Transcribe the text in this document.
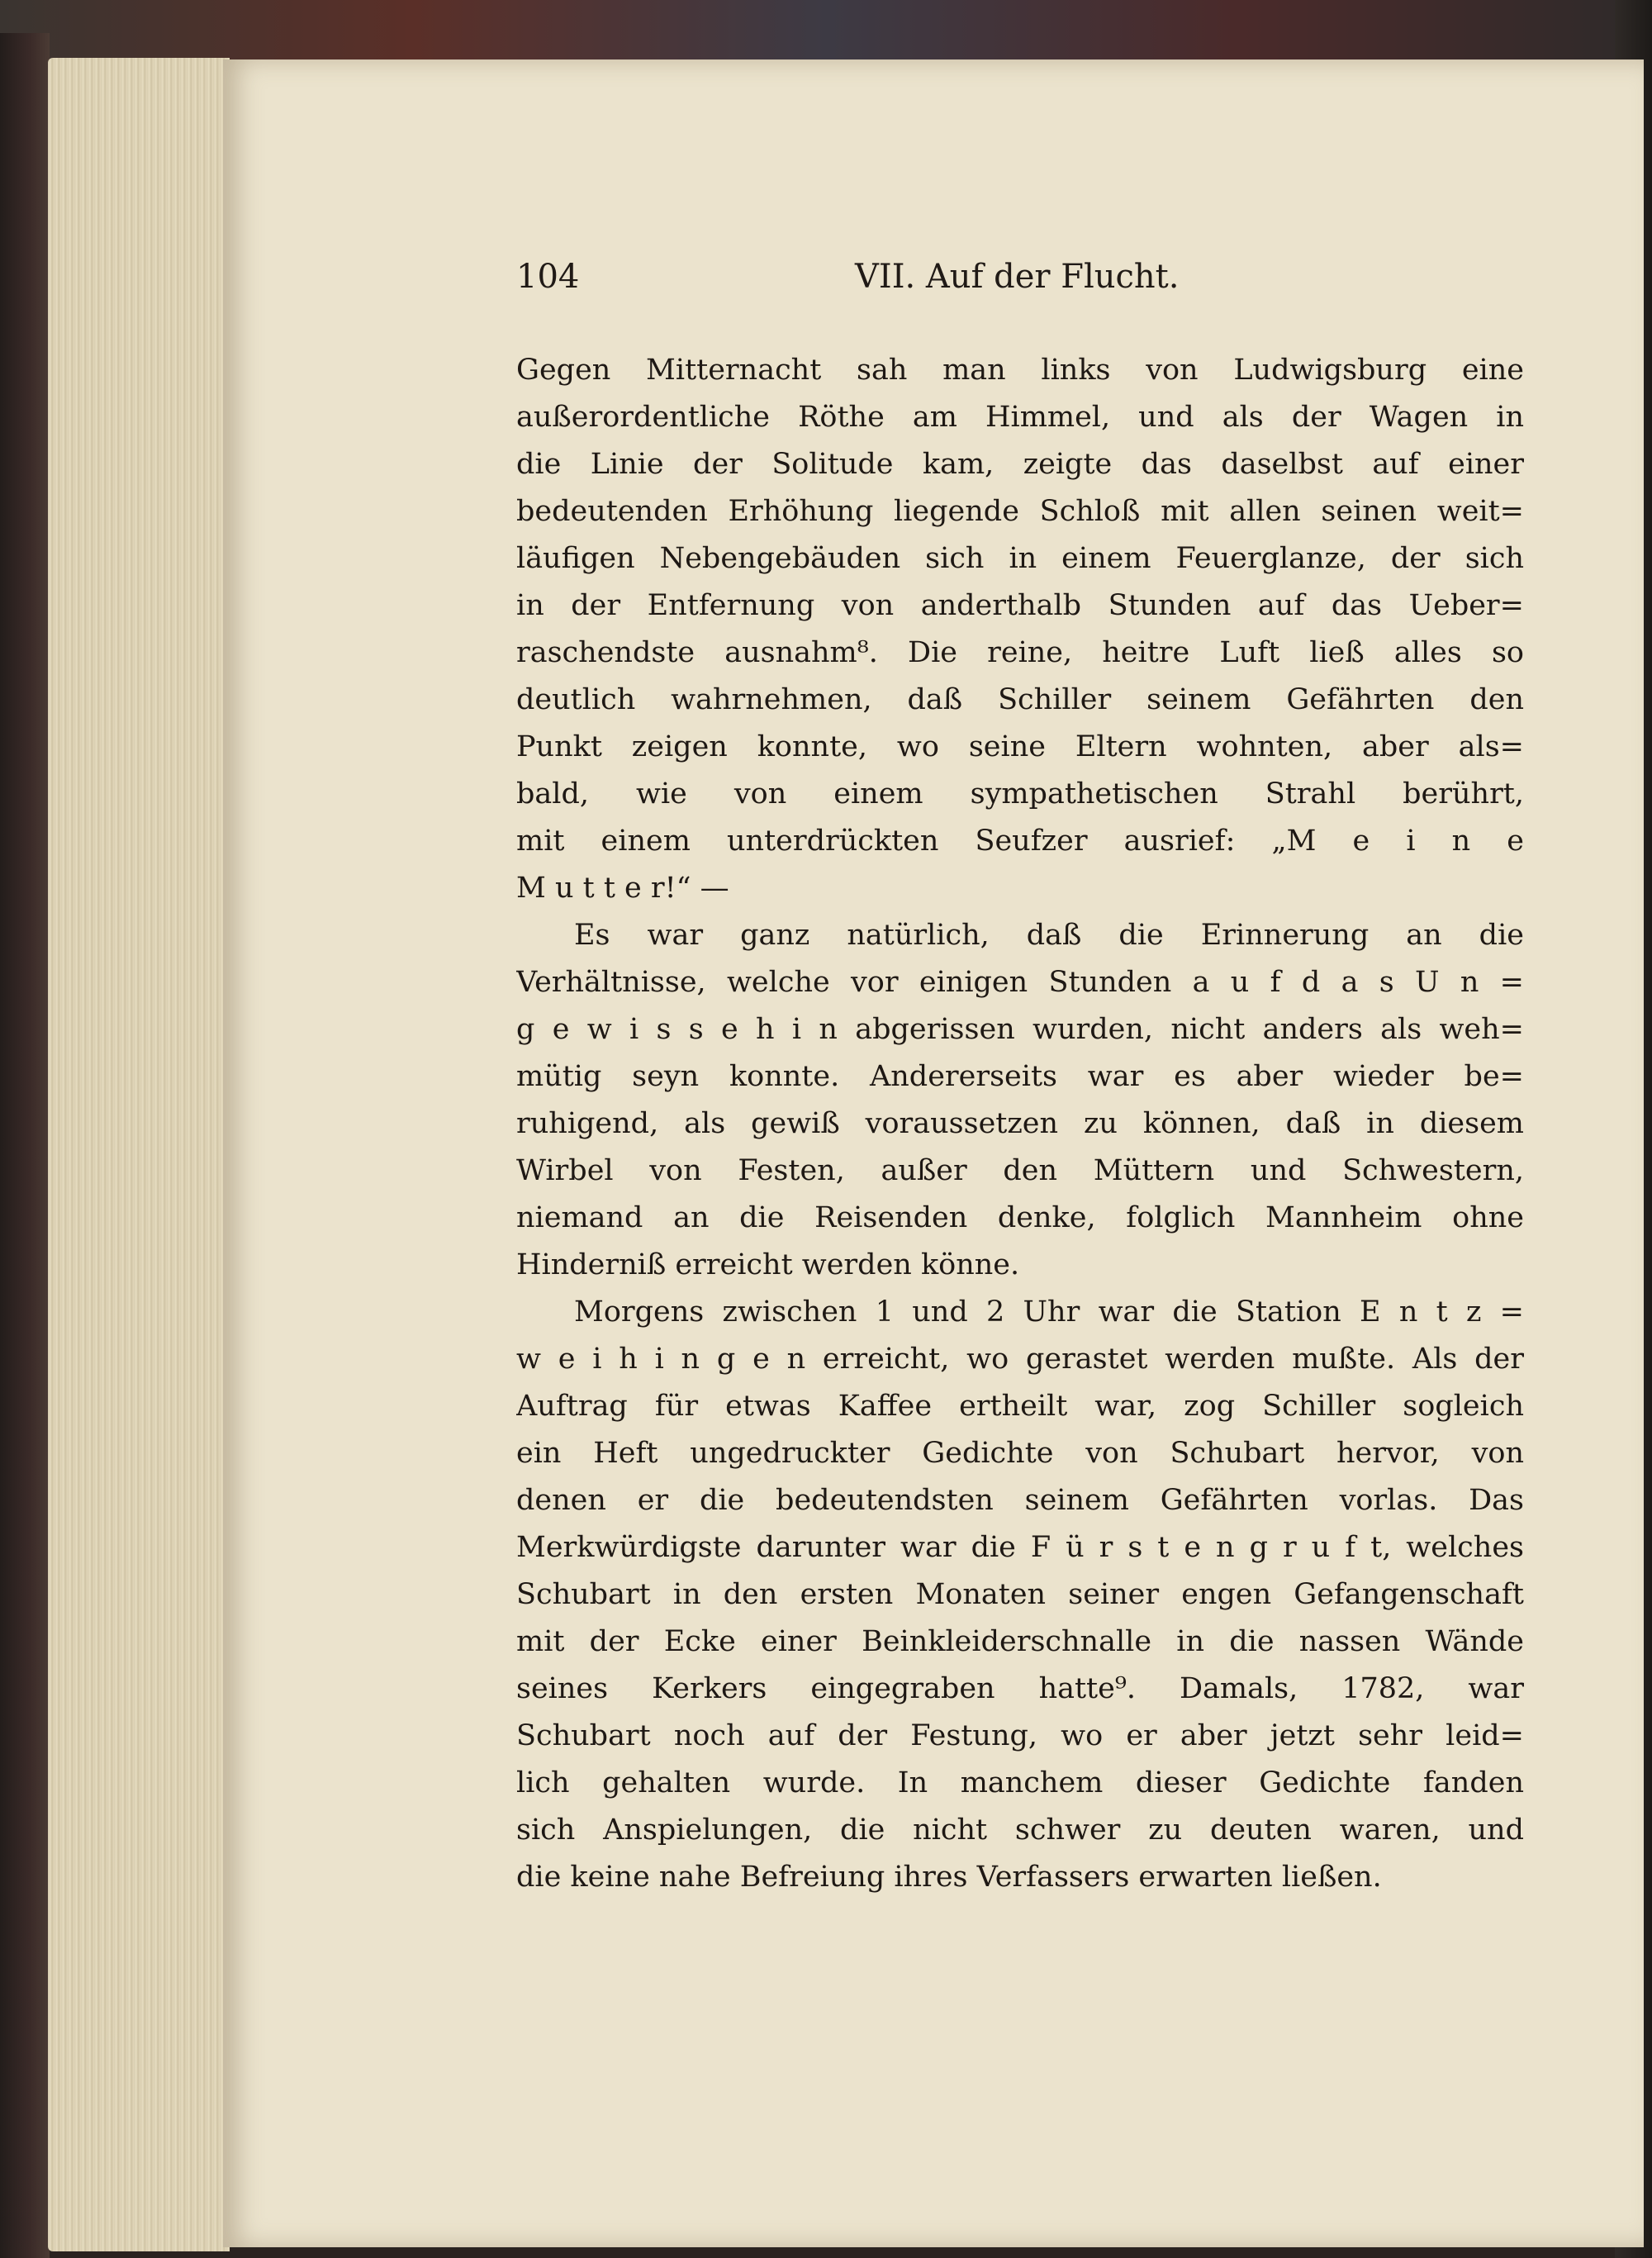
104	VII. Auf der Flucht.
Gegen Mitternacht sah man links von Ludwigsburg eine
außerordentliche Röthe am Himmel, und als der Wagen in
die Linie der Solitude kam, zeigte das daselbst auf einer
bedeutenden Erhöhung liegende Schloß mit allen seinen weit=
läufigen Nebengebäuden sich in einem Feuerglanze, der sich
in der Entfernung von anderthalb Stunden auf das Ueber=
raschendste ausnahm⁸. Die reine, heitre Luft ließ alles so
deutlich wahrnehmen, daß Schiller seinem Gefährten den
Punkt zeigen konnte, wo seine Eltern wohnten, aber als=
bald, wie von einem sympathetischen Strahl berührt,
mit einem unterdrückten Seufzer ausrief: „M e i n e
M u t t e r!“ —
Es war ganz natürlich, daß die Erinnerung an die
Verhältnisse, welche vor einigen Stunden a u f d a s U n =
g e w i s s e h i n abgerissen wurden, nicht anders als weh=
mütig seyn konnte. Andererseits war es aber wieder be=
ruhigend, als gewiß voraussetzen zu können, daß in diesem
Wirbel von Festen, außer den Müttern und Schwestern,
niemand an die Reisenden denke, folglich Mannheim ohne
Hinderniß erreicht werden könne.
Morgens zwischen 1 und 2 Uhr war die Station E n t z =
w e i h i n g e n erreicht, wo gerastet werden mußte. Als der
Auftrag für etwas Kaffee ertheilt war, zog Schiller sogleich
ein Heft ungedruckter Gedichte von Schubart hervor, von
denen er die bedeutendsten seinem Gefährten vorlas. Das
Merkwürdigste darunter war die F ü r s t e n g r u f t, welches
Schubart in den ersten Monaten seiner engen Gefangenschaft
mit der Ecke einer Beinkleiderschnalle in die nassen Wände
seines Kerkers eingegraben hatte⁹. Damals, 1782, war
Schubart noch auf der Festung, wo er aber jetzt sehr leid=
lich gehalten wurde. In manchem dieser Gedichte fanden
sich Anspielungen, die nicht schwer zu deuten waren, und
die keine nahe Befreiung ihres Verfassers erwarten ließen.
